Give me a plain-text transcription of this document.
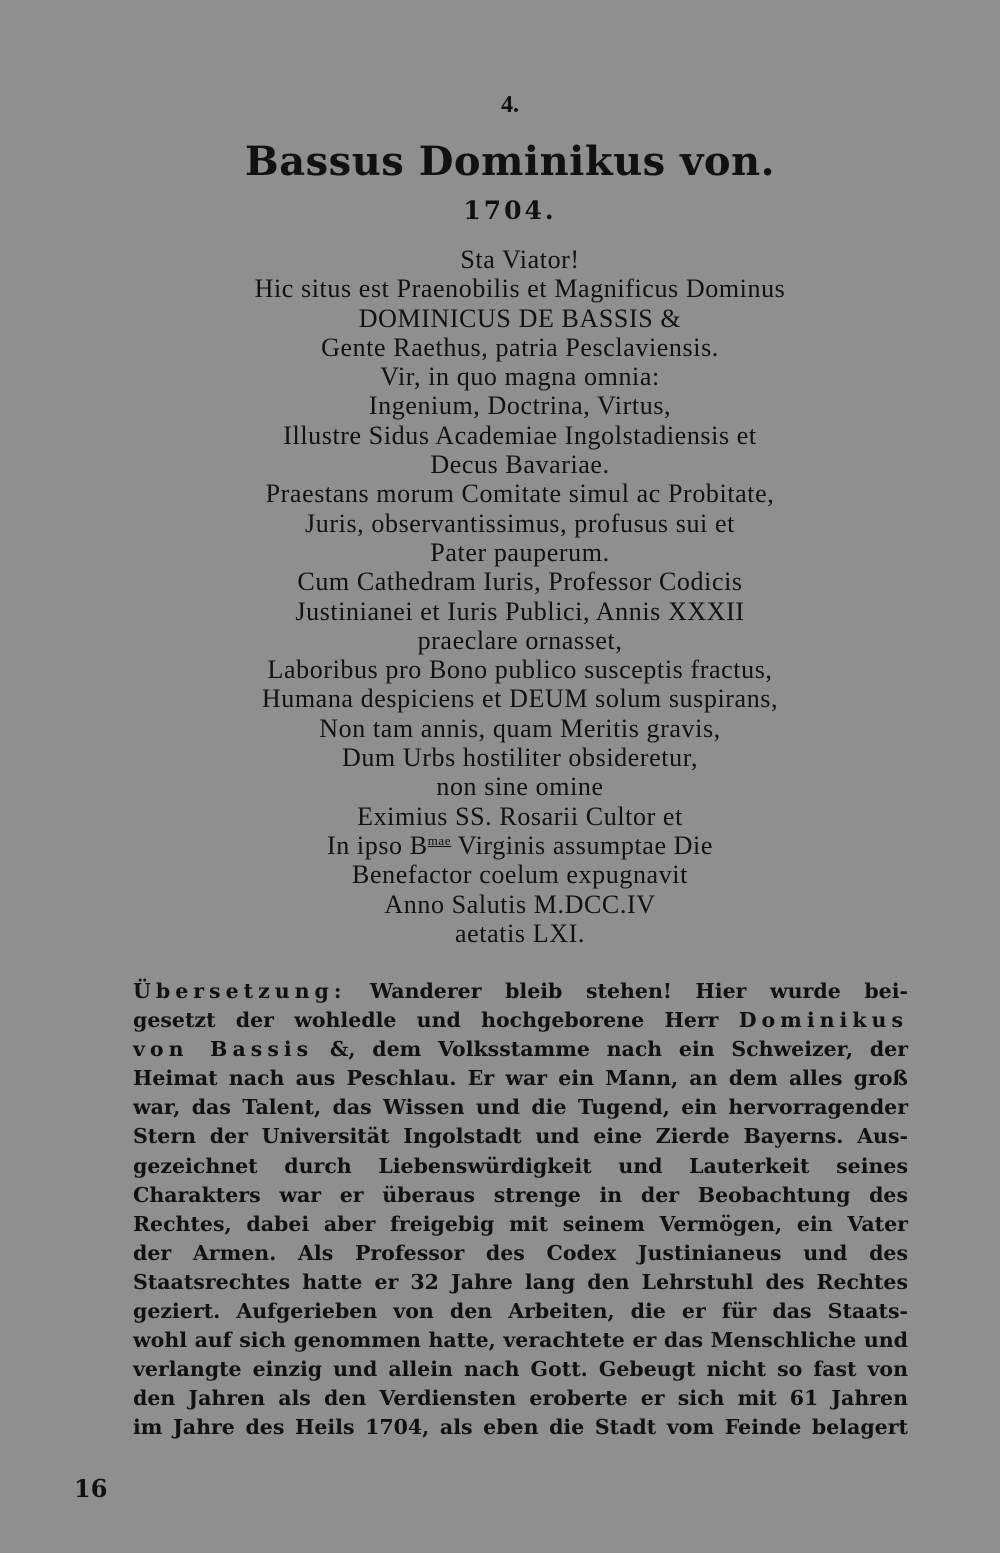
4.
Bassus Dominikus von.
1704.
Sta Viator!
Hic situs est Praenobilis et Magnificus Dominus
DOMINICUS DE BASSIS &
Gente Raethus, patria Pesclaviensis.
Vir, in quo magna omnia:
Ingenium, Doctrina, Virtus,
Illustre Sidus Academiae Ingolstadiensis et
Decus Bavariae.
Praestans morum Comitate simul ac Probitate,
Juris, observantissimus, profusus sui et
Pater pauperum.
Cum Cathedram Iuris, Professor Codicis
Justinianei et Iuris Publici, Annis XXXII
praeclare ornasset,
Laboribus pro Bono publico susceptis fractus,
Humana despiciens et DEUM solum suspirans,
Non tam annis, quam Meritis gravis,
Dum Urbs hostiliter obsideretur,
non sine omine
Eximius SS. Rosarii Cultor et
In ipso $B^{mae}$ Virginis assumptae Die
Benefactor coelum expugnavit
Anno Salutis M.DCC.IV
aetatis LXI.
Übersetzung: Wanderer bleib stehen! Hier wurde bei-
gesetzt der wohledle und hochgeborene Herr Dominikus
von Bassis &, dem Volksstamme nach ein Schweizer, der
Heimat nach aus Peschlau. Er war ein Mann, an dem alles groß
war, das Talent, das Wissen und die Tugend, ein hervorragender
Stern der Universität Ingolstadt und eine Zierde Bayerns. Aus-
gezeichnet durch Liebenswürdigkeit und Lauterkeit seines
Charakters war er überaus strenge in der Beobachtung des
Rechtes, dabei aber freigebig mit seinem Vermögen, ein Vater
der Armen. Als Professor des Codex Justinianeus und des
Staatsrechtes hatte er 32 Jahre lang den Lehrstuhl des Rechtes
geziert. Aufgerieben von den Arbeiten, die er für das Staats-
wohl auf sich genommen hatte, verachtete er das Menschliche und
verlangte einzig und allein nach Gott. Gebeugt nicht so fast von
den Jahren als den Verdiensten eroberte er sich mit 61 Jahren
im Jahre des Heils 1704, als eben die Stadt vom Feinde belagert
16
